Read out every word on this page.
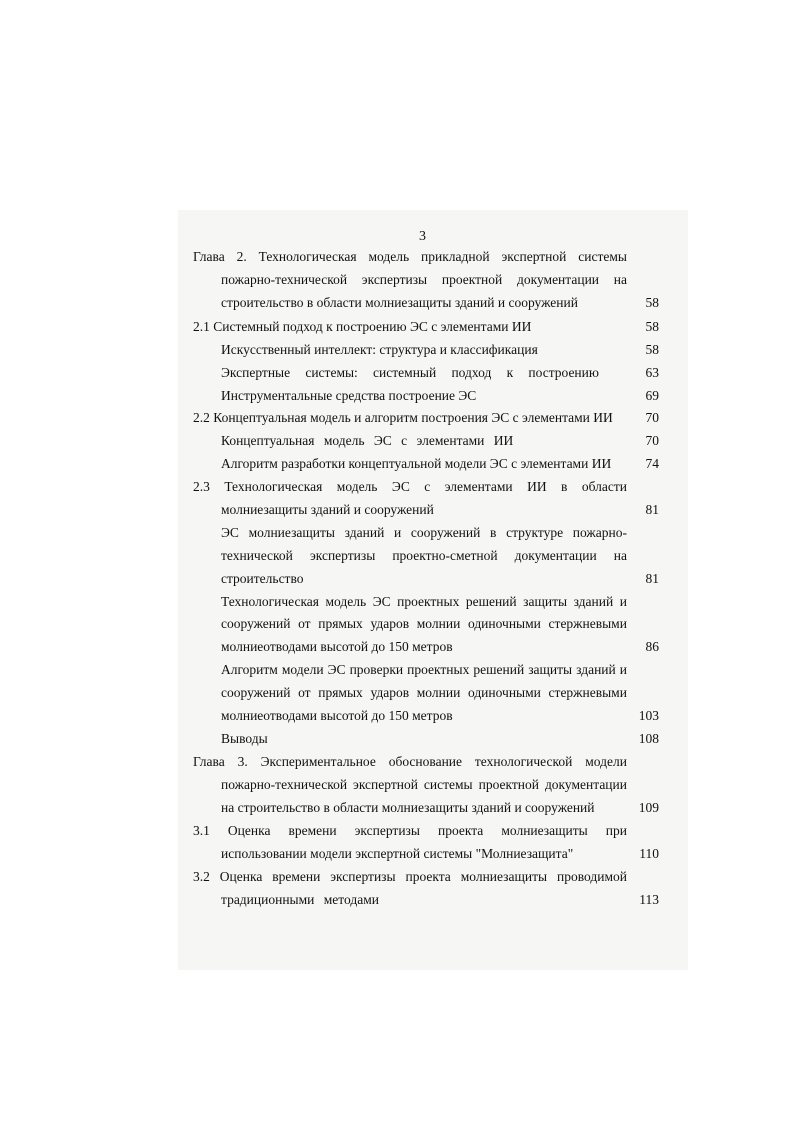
3
Глава 2. Технологическая модель прикладной экспертной системы
пожарно-технической экспертизы проектной документации на
строительство в области молниезащиты зданий и сооружений	58
2.1 Системный подход к построению ЭС с элементами ИИ	58
Искусственный интеллект: структура и классификация	58
Экспертные системы: системный подход к построению	63
Инструментальные средства построение ЭС	69
2.2 Концептуальная модель и алгоритм построения ЭС с элементами ИИ	70
Концептуальная модель ЭС с элементами ИИ	70
Алгоритм разработки концептуальной модели ЭС с элементами ИИ	74
2.3 Технологическая модель ЭС с элементами ИИ в области
молниезащиты зданий и сооружений	81
ЭС молниезащиты зданий и сооружений в структуре пожарно-
технической экспертизы проектно-сметной документации на
строительство	81
Технологическая модель ЭС проектных решений защиты зданий и
сооружений от прямых ударов молнии одиночными стержневыми
молниеотводами высотой до 150 метров	86
Алгоритм модели ЭС проверки проектных решений защиты зданий и
сооружений от прямых ударов молнии одиночными стержневыми
молниеотводами высотой до 150 метров	103
Выводы	108
Глава 3. Экспериментальное обоснование технологической модели
пожарно-технической экспертной системы проектной документации
на строительство в области молниезащиты зданий и сооружений	109
3.1 Оценка времени экспертизы проекта молниезащиты при
использовании модели экспертной системы "Молниезащита"	110
3.2 Оценка времени экспертизы проекта молниезащиты проводимой
традиционными методами	113
